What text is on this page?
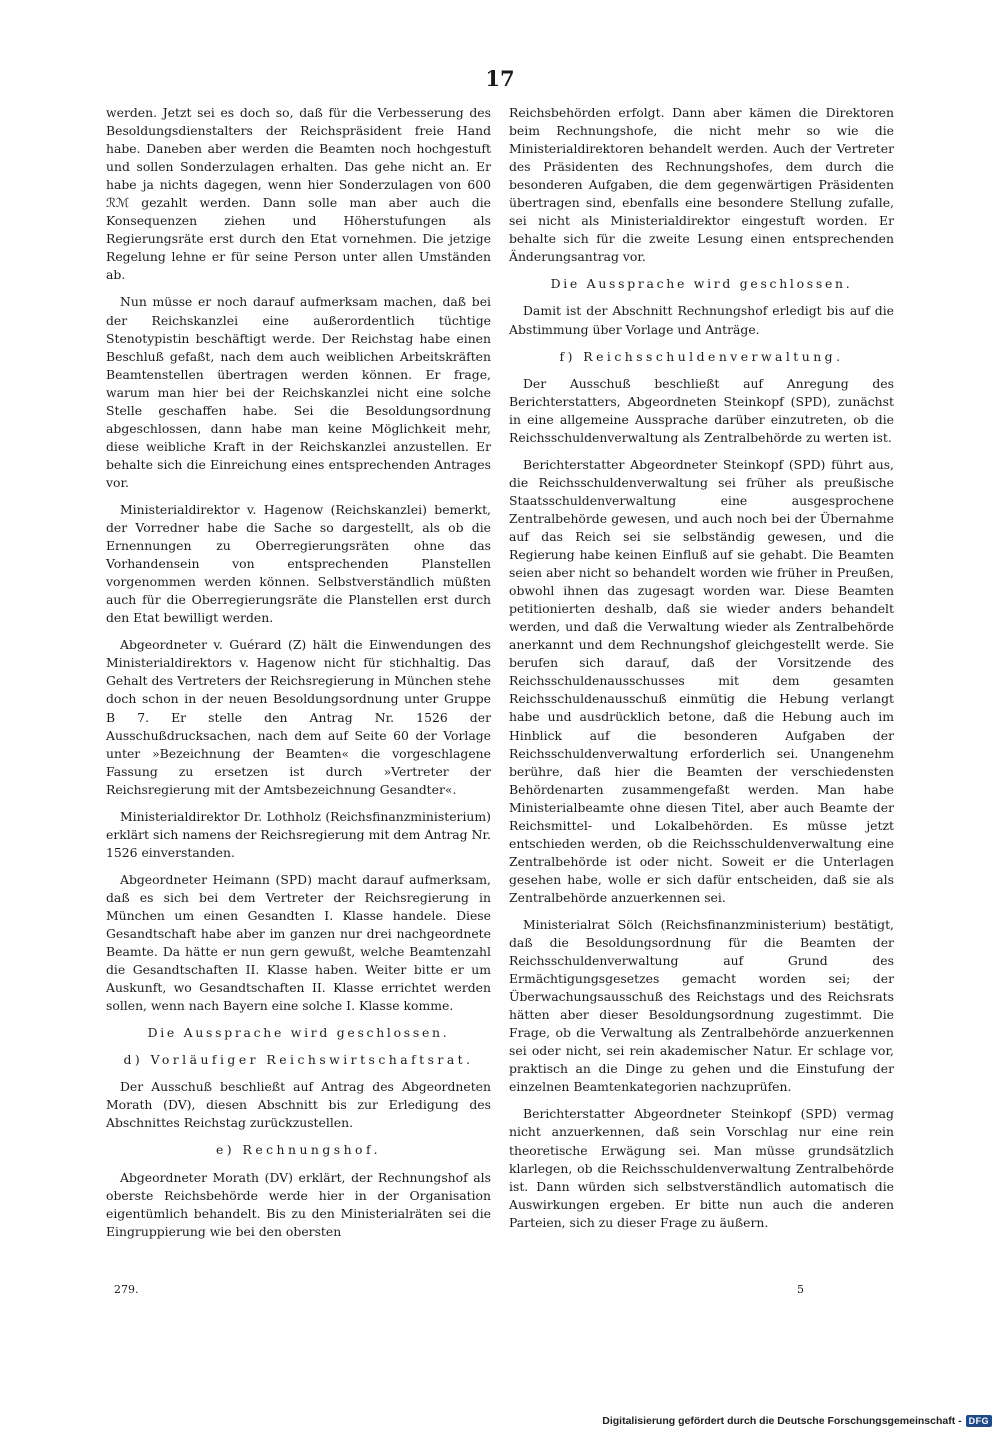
17

werden. Jetzt sei es doch so, daß für die Verbesserung des Besoldungsdienstalters der Reichspräsident freie Hand habe. Daneben aber werden die Beamten noch hochgestuft und sollen Sonderzulagen erhalten. Das gehe nicht an. Er habe ja nichts dagegen, wenn hier Sonderzulagen von 600 ℛℳ gezahlt werden. Dann solle man aber auch die Konsequenzen ziehen und Höherstufungen als Regierungsräte erst durch den Etat vornehmen. Die jetzige Regelung lehne er für seine Person unter allen Umständen ab.

Nun müsse er noch darauf aufmerksam machen, daß bei der Reichskanzlei eine außerordentlich tüchtige Stenotypistin beschäftigt werde. Der Reichstag habe einen Beschluß gefaßt, nach dem auch weiblichen Arbeitskräften Beamtenstellen übertragen werden können. Er frage, warum man hier bei der Reichskanzlei nicht eine solche Stelle geschaffen habe. Sei die Besoldungsordnung abgeschlossen, dann habe man keine Möglichkeit mehr, diese weibliche Kraft in der Reichskanzlei anzustellen. Er behalte sich die Einreichung eines entsprechenden Antrages vor.

Ministerialdirektor v. Hagenow (Reichskanzlei) bemerkt, der Vorredner habe die Sache so dargestellt, als ob die Ernennungen zu Oberregierungsräten ohne das Vorhandensein von entsprechenden Planstellen vorgenommen werden können. Selbstverständlich müßten auch für die Oberregierungsräte die Planstellen erst durch den Etat bewilligt werden.

Abgeordneter v. Guérard (Z) hält die Einwendungen des Ministerialdirektors v. Hagenow nicht für stichhaltig. Das Gehalt des Vertreters der Reichsregierung in München stehe doch schon in der neuen Besoldungsordnung unter Gruppe B 7. Er stelle den Antrag Nr. 1526 der Ausschußdrucksachen, nach dem auf Seite 60 der Vorlage unter »Bezeichnung der Beamten« die vorgeschlagene Fassung zu ersetzen ist durch »Vertreter der Reichsregierung mit der Amtsbezeichnung Gesandter«.

Ministerialdirektor Dr. Lothholz (Reichsfinanzministerium) erklärt sich namens der Reichsregierung mit dem Antrag Nr. 1526 einverstanden.

Abgeordneter Heimann (SPD) macht darauf aufmerksam, daß es sich bei dem Vertreter der Reichsregierung in München um einen Gesandten I. Klasse handele. Diese Gesandtschaft habe aber im ganzen nur drei nachgeordnete Beamte. Da hätte er nun gern gewußt, welche Beamtenzahl die Gesandtschaften II. Klasse haben. Weiter bitte er um Auskunft, wo Gesandtschaften II. Klasse errichtet werden sollen, wenn nach Bayern eine solche I. Klasse komme.

Die Aussprache wird geschlossen.

d) Vorläufiger Reichswirtschaftsrat.

Der Ausschuß beschließt auf Antrag des Abgeordneten Morath (DV), diesen Abschnitt bis zur Erledigung des Abschnittes Reichstag zurückzustellen.

e) Rechnungshof.

Abgeordneter Morath (DV) erklärt, der Rechnungshof als oberste Reichsbehörde werde hier in der Organisation eigentümlich behandelt. Bis zu den Ministerialräten sei die Eingruppierung wie bei den obersten

Reichsbehörden erfolgt. Dann aber kämen die Direktoren beim Rechnungshofe, die nicht mehr so wie die Ministerialdirektoren behandelt werden. Auch der Vertreter des Präsidenten des Rechnungshofes, dem durch die besonderen Aufgaben, die dem gegenwärtigen Präsidenten übertragen sind, ebenfalls eine besondere Stellung zufalle, sei nicht als Ministerialdirektor eingestuft worden. Er behalte sich für die zweite Lesung einen entsprechenden Änderungsantrag vor.

Die Aussprache wird geschlossen.

Damit ist der Abschnitt Rechnungshof erledigt bis auf die Abstimmung über Vorlage und Anträge.

f) Reichsschuldenverwaltung.

Der Ausschuß beschließt auf Anregung des Berichterstatters, Abgeordneten Steinkopf (SPD), zunächst in eine allgemeine Aussprache darüber einzutreten, ob die Reichsschuldenverwaltung als Zentralbehörde zu werten ist.

Berichterstatter Abgeordneter Steinkopf (SPD) führt aus, die Reichsschuldenverwaltung sei früher als preußische Staatsschuldenverwaltung eine ausgesprochene Zentralbehörde gewesen, und auch noch bei der Übernahme auf das Reich sei sie selbständig gewesen, und die Regierung habe keinen Einfluß auf sie gehabt. Die Beamten seien aber nicht so behandelt worden wie früher in Preußen, obwohl ihnen das zugesagt worden war. Diese Beamten petitionierten deshalb, daß sie wieder anders behandelt werden, und daß die Verwaltung wieder als Zentralbehörde anerkannt und dem Rechnungshof gleichgestellt werde. Sie berufen sich darauf, daß der Vorsitzende des Reichsschuldenausschusses mit dem gesamten Reichsschuldenausschuß einmütig die Hebung verlangt habe und ausdrücklich betone, daß die Hebung auch im Hinblick auf die besonderen Aufgaben der Reichsschuldenverwaltung erforderlich sei. Unangenehm berühre, daß hier die Beamten der verschiedensten Behördenarten zusammengefaßt werden. Man habe Ministerialbeamte ohne diesen Titel, aber auch Beamte der Reichsmittel- und Lokalbehörden. Es müsse jetzt entschieden werden, ob die Reichsschuldenverwaltung eine Zentralbehörde ist oder nicht. Soweit er die Unterlagen gesehen habe, wolle er sich dafür entscheiden, daß sie als Zentralbehörde anzuerkennen sei.

Ministerialrat Sölch (Reichsfinanzministerium) bestätigt, daß die Besoldungsordnung für die Beamten der Reichsschuldenverwaltung auf Grund des Ermächtigungsgesetzes gemacht worden sei; der Überwachungsausschuß des Reichstags und des Reichsrats hätten aber dieser Besoldungsordnung zugestimmt. Die Frage, ob die Verwaltung als Zentralbehörde anzuerkennen sei oder nicht, sei rein akademischer Natur. Er schlage vor, praktisch an die Dinge zu gehen und die Einstufung der einzelnen Beamtenkategorien nachzuprüfen.

Berichterstatter Abgeordneter Steinkopf (SPD) vermag nicht anzuerkennen, daß sein Vorschlag nur eine rein theoretische Erwägung sei. Man müsse grundsätzlich klarlegen, ob die Reichsschuldenverwaltung Zentralbehörde ist. Dann würden sich selbstverständlich automatisch die Auswirkungen ergeben. Er bitte nun auch die anderen Parteien, sich zu dieser Frage zu äußern.

279.	5
Digitalisierung gefördert durch die Deutsche Forschungsgemeinschaft - DFG
